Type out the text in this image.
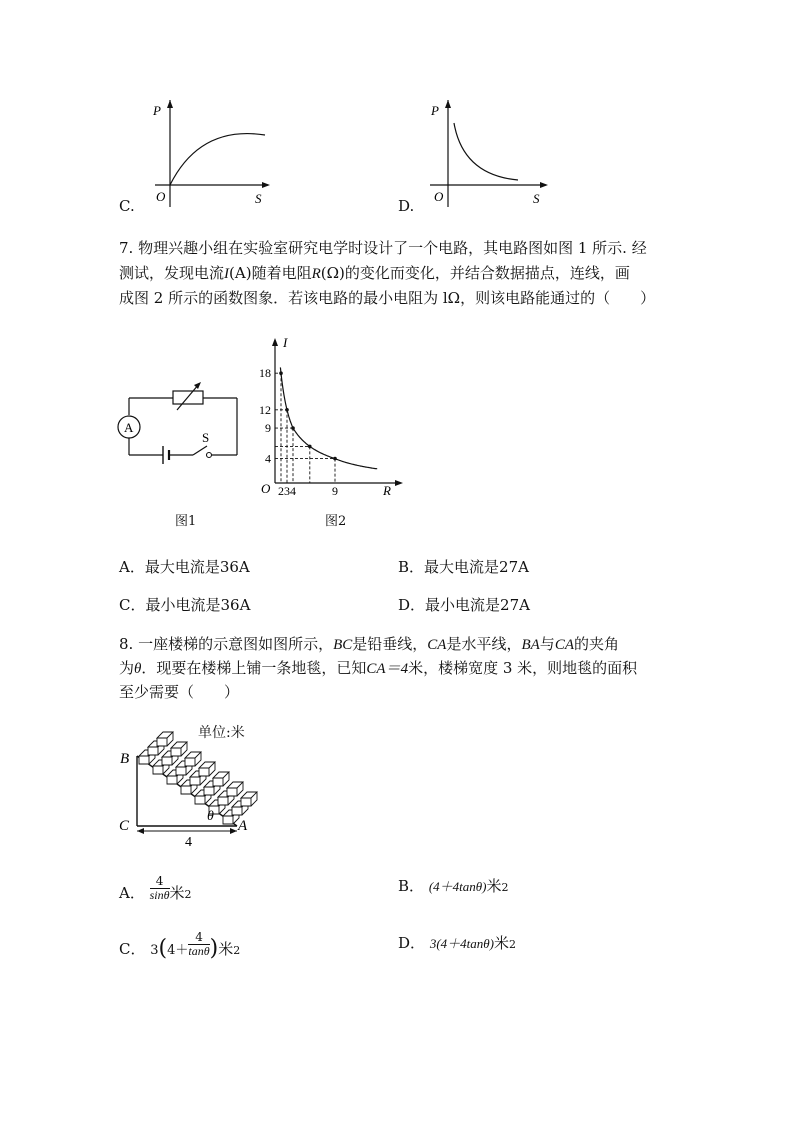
P
O	S
C.
P
O	S
D.
7. 物理兴趣小组在实验室研究电学时设计了一个电路，其电路图如图 1 所示. 经
测试，发现电流I(A)随着电阻R(Ω)的变化而变化，并结合数据描点，连线，画
成图 2 所示的函数图象．若该电路的最小电阻为 lΩ，则该电路能通过的（　　）
A
S
图1
4
9
12
18
2 3 4	9
I
O	R
图2
A．最大电流是36A	B．最大电流是27A
C．最小电流是36A	D．最小电流是27A
8. 一座楼梯的示意图如图所示，BC是铅垂线，CA是水平线，BA与CA的夹角
为θ．现要在楼梯上铺一条地毯，已知CA＝4米，楼梯宽度 3 米，则地毯的面积
至少需要（　　）
B
C	A
θ
4
单位:米
A． $\frac{4}{\sin\theta}$ 米2	B． (4＋4tanθ)米2
C． $3(4+ \frac{4}{\tan\theta}$ )米2	D． 3(4＋4tanθ)米2
